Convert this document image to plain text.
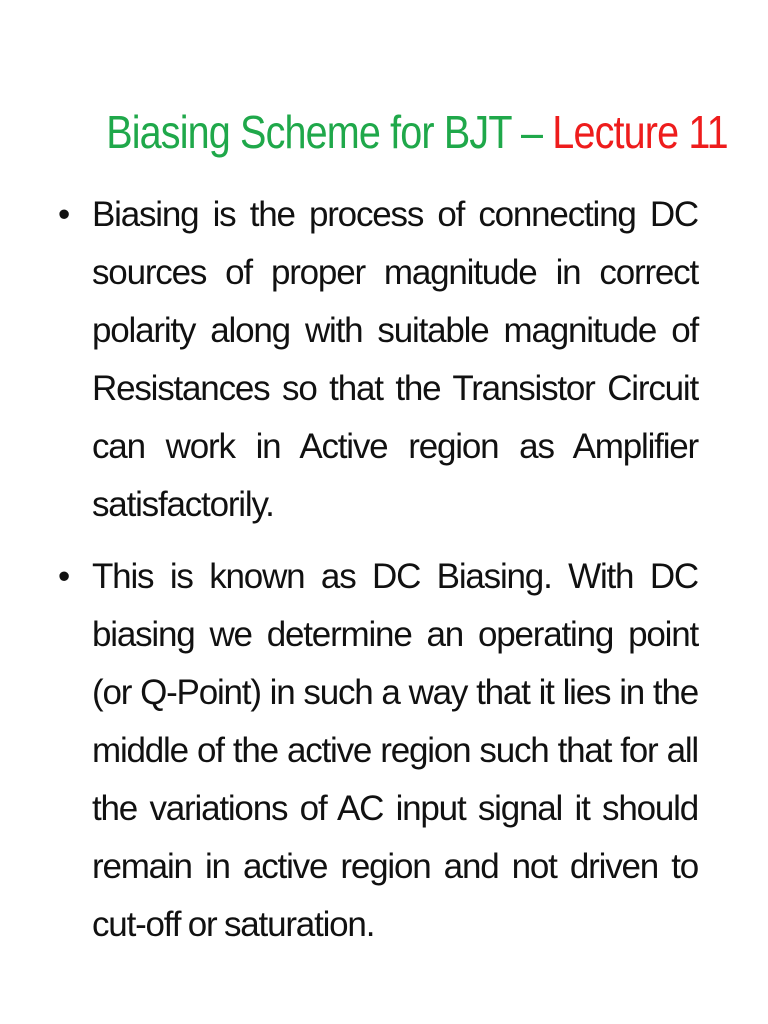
Biasing Scheme for BJT – Lecture 11
• Biasing is the process of connecting DC sources of proper magnitude in correct polarity along with suitable magnitude of Resistances so that the Transistor Circuit can work in Active region as Amplifier satisfactorily.
• This is known as DC Biasing. With DC biasing we determine an operating point (or Q-Point) in such a way that it lies in the middle of the active region such that for all the variations of AC input signal it should remain in active region and not driven to cut-off or saturation.
